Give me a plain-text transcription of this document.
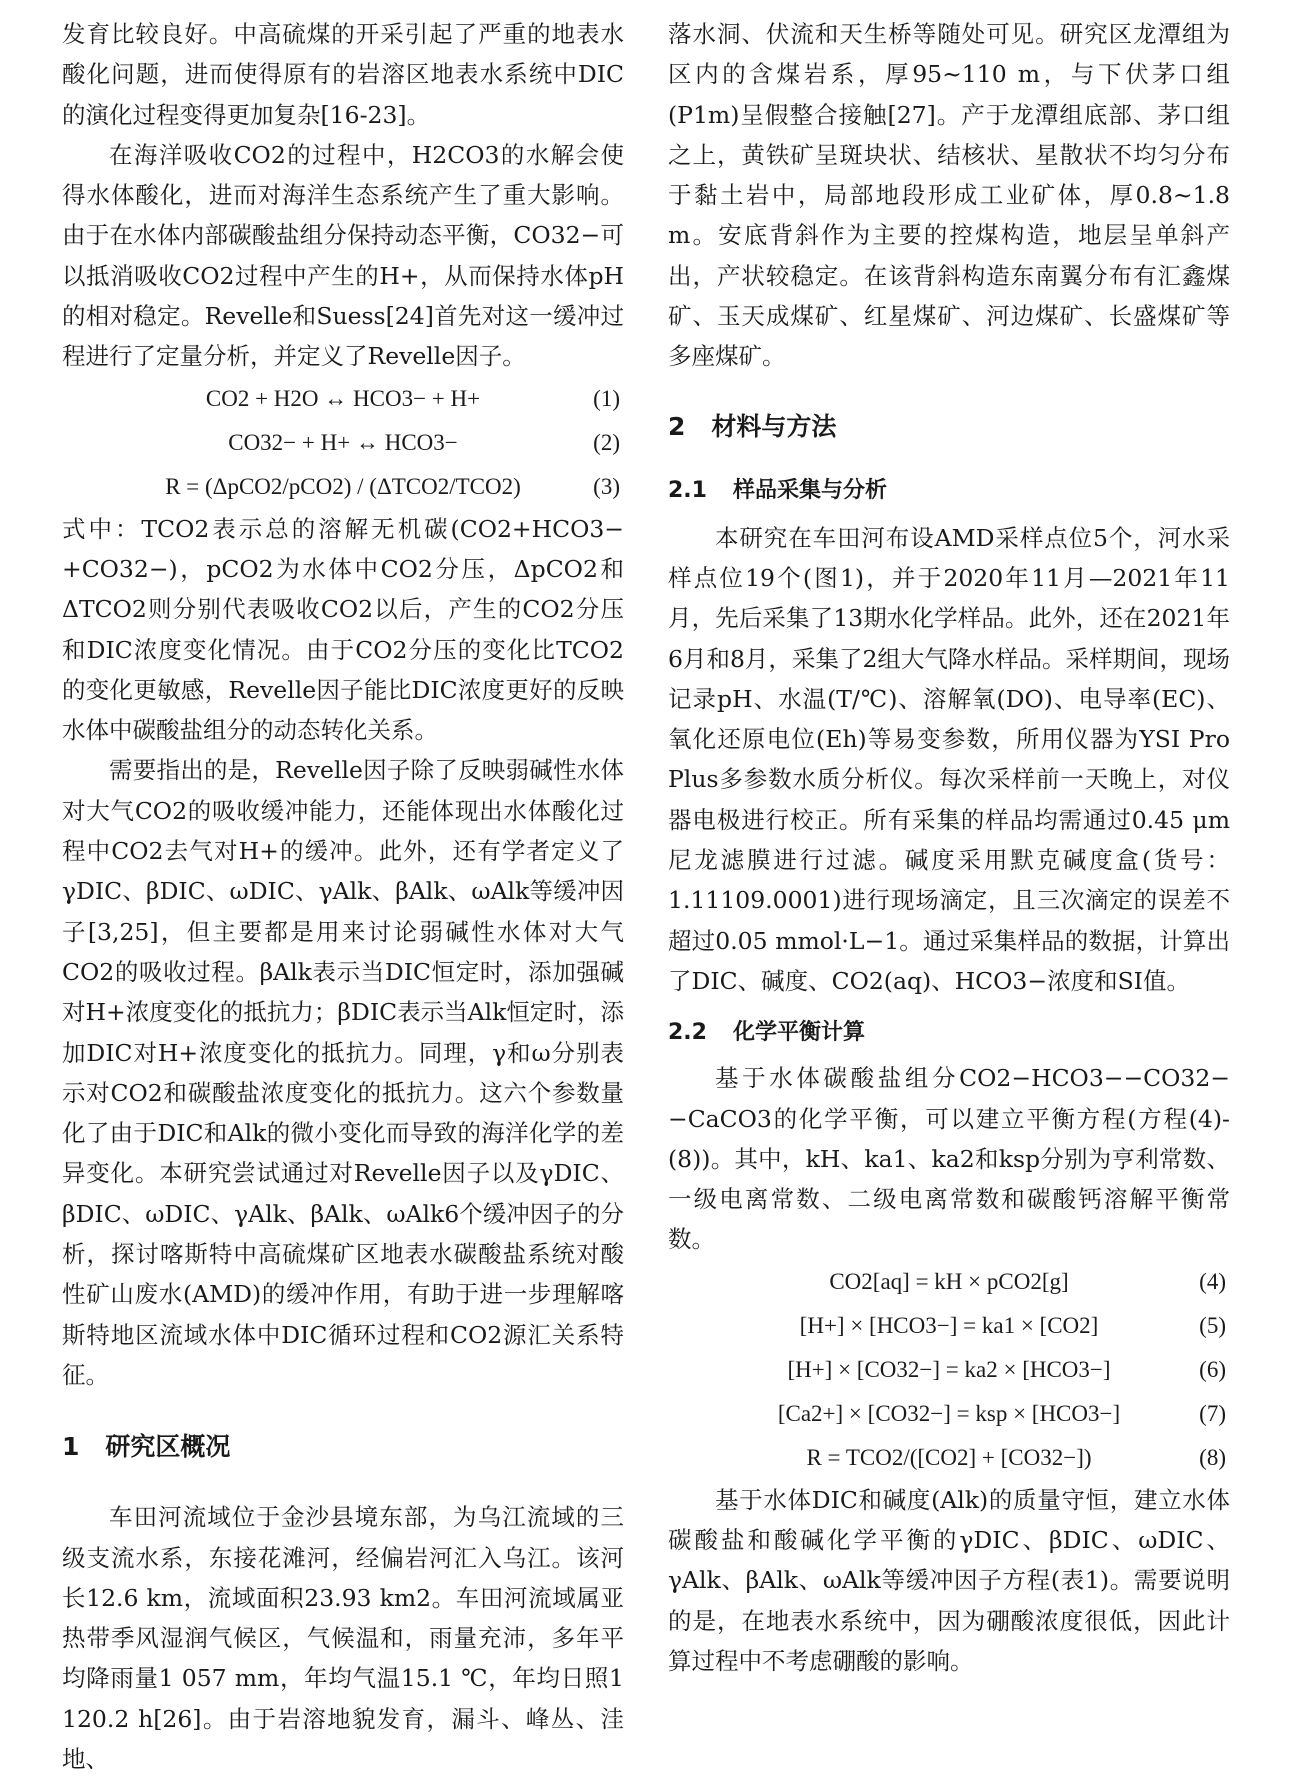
发育比较良好。中高硫煤的开采引起了严重的地表水酸化问题，进而使得原有的岩溶区地表水系统中DIC的演化过程变得更加复杂[16-23]。

在海洋吸收CO2的过程中，H2CO3的水解会使得水体酸化，进而对海洋生态系统产生了重大影响。由于在水体内部碳酸盐组分保持动态平衡，CO32−可以抵消吸收CO2过程中产生的H+，从而保持水体pH的相对稳定。Revelle和Suess[24]首先对这一缓冲过程进行了定量分析，并定义了Revelle因子。

CO2 + H2O ↔ HCO3− + H+	(1)
CO32− + H+ ↔ HCO3−	(2)
R = (ΔpCO2/pCO2) / (ΔTCO2/TCO2)	(3)

式中：TCO2表示总的溶解无机碳(CO2+HCO3−+CO32−)，pCO2为水体中CO2分压，ΔpCO2和ΔTCO2则分别代表吸收CO2以后，产生的CO2分压和DIC浓度变化情况。由于CO2分压的变化比TCO2的变化更敏感，Revelle因子能比DIC浓度更好的反映水体中碳酸盐组分的动态转化关系。

需要指出的是，Revelle因子除了反映弱碱性水体对大气CO2的吸收缓冲能力，还能体现出水体酸化过程中CO2去气对H+的缓冲。此外，还有学者定义了γDIC、βDIC、ωDIC、γAlk、βAlk、ωAlk等缓冲因子[3,25]，但主要都是用来讨论弱碱性水体对大气CO2的吸收过程。βAlk表示当DIC恒定时，添加强碱对H+浓度变化的抵抗力；βDIC表示当Alk恒定时，添加DIC对H+浓度变化的抵抗力。同理，γ和ω分别表示对CO2和碳酸盐浓度变化的抵抗力。这六个参数量化了由于DIC和Alk的微小变化而导致的海洋化学的差异变化。本研究尝试通过对Revelle因子以及γDIC、βDIC、ωDIC、γAlk、βAlk、ωAlk6个缓冲因子的分析，探讨喀斯特中高硫煤矿区地表水碳酸盐系统对酸性矿山废水(AMD)的缓冲作用，有助于进一步理解喀斯特地区流域水体中DIC循环过程和CO2源汇关系特征。

1 研究区概况

车田河流域位于金沙县境东部，为乌江流域的三级支流水系，东接花滩河，经偏岩河汇入乌江。该河长12.6 km，流域面积23.93 km2。车田河流域属亚热带季风湿润气候区，气候温和，雨量充沛，多年平均降雨量1 057 mm，年均气温15.1 ℃，年均日照1 120.2 h[26]。由于岩溶地貌发育，漏斗、峰丛、洼地、

落水洞、伏流和天生桥等随处可见。研究区龙潭组为区内的含煤岩系，厚95~110 m，与下伏茅口组(P1m)呈假整合接触[27]。产于龙潭组底部、茅口组之上，黄铁矿呈斑块状、结核状、星散状不均匀分布于黏土岩中，局部地段形成工业矿体，厚0.8~1.8 m。安底背斜作为主要的控煤构造，地层呈单斜产出，产状较稳定。在该背斜构造东南翼分布有汇鑫煤矿、玉天成煤矿、红星煤矿、河边煤矿、长盛煤矿等多座煤矿。

2 材料与方法
2.1 样品采集与分析

本研究在车田河布设AMD采样点位5个，河水采样点位19个(图1)，并于2020年11月—2021年11月，先后采集了13期水化学样品。此外，还在2021年6月和8月，采集了2组大气降水样品。采样期间，现场记录pH、水温(T/℃)、溶解氧(DO)、电导率(EC)、氧化还原电位(Eh)等易变参数，所用仪器为YSI Pro Plus多参数水质分析仪。每次采样前一天晚上，对仪器电极进行校正。所有采集的样品均需通过0.45 μm尼龙滤膜进行过滤。碱度采用默克碱度盒(货号：1.11109.0001)进行现场滴定，且三次滴定的误差不超过0.05 mmol·L−1。通过采集样品的数据，计算出了DIC、碱度、CO2(aq)、HCO3−浓度和SI值。

2.2 化学平衡计算

基于水体碳酸盐组分CO2−HCO3−−CO32−−CaCO3的化学平衡，可以建立平衡方程(方程(4)-(8))。其中，kH、ka1、ka2和ksp分别为亨利常数、一级电离常数、二级电离常数和碳酸钙溶解平衡常数。

CO2[aq] = kH × pCO2[g]	(4)
[H+] × [HCO3−] = ka1 × [CO2]	(5)
[H+] × [CO32−] = ka2 × [HCO3−]	(6)
[Ca2+] × [CO32−] = ksp × [HCO3−]	(7)
R = TCO2/([CO2] + [CO32−])	(8)

基于水体DIC和碱度(Alk)的质量守恒，建立水体碳酸盐和酸碱化学平衡的γDIC、βDIC、ωDIC、γAlk、βAlk、ωAlk等缓冲因子方程(表1)。需要说明的是，在地表水系统中，因为硼酸浓度很低，因此计算过程中不考虑硼酸的影响。
